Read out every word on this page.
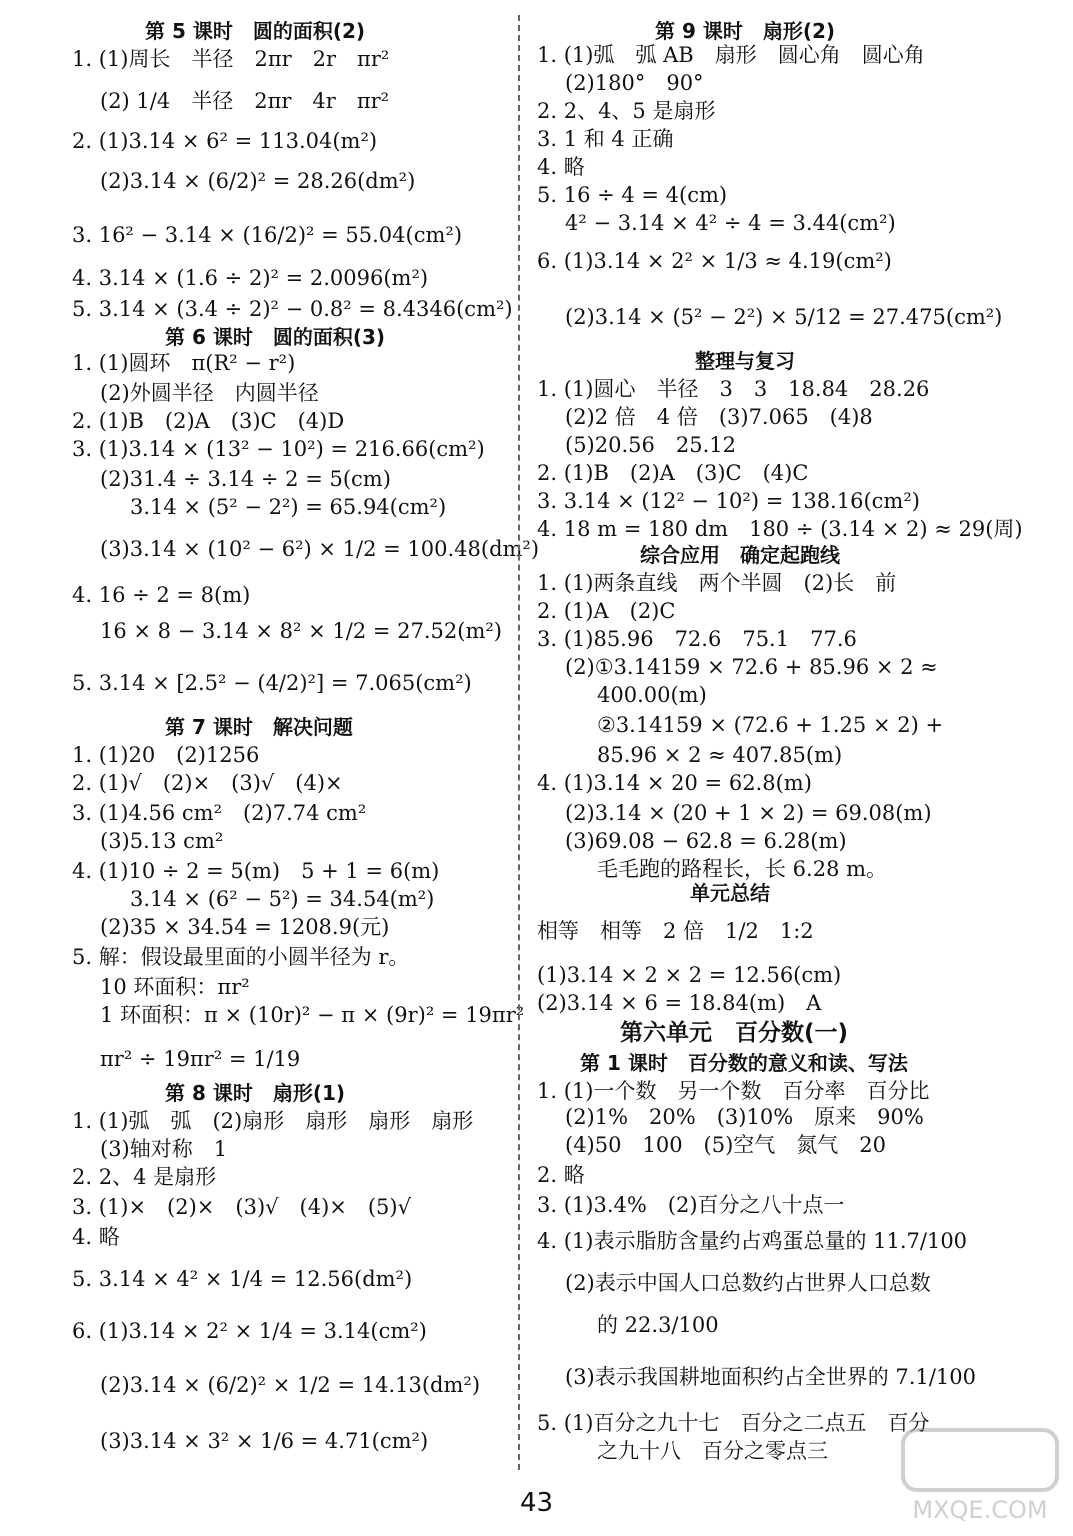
第 5 课时　圆的面积(2)
1. (1)周长　半径　2πr　2r　πr²
(2) 1/4　半径　2πr　4r　πr²
2. (1)3.14 × 6² = 113.04(m²)
(2)3.14 × (6/2)² = 28.26(dm²)
3. 16² − 3.14 × (16/2)² = 55.04(cm²)
4. 3.14 × (1.6 ÷ 2)² = 2.0096(m²)
5. 3.14 × (3.4 ÷ 2)² − 0.8² = 8.4346(cm²)
第 6 课时　圆的面积(3)
1. (1)圆环　π(R² − r²)
(2)外圆半径　内圆半径
2. (1)B　(2)A　(3)C　(4)D
3. (1)3.14 × (13² − 10²) = 216.66(cm²)
(2)31.4 ÷ 3.14 ÷ 2 = 5(cm)
3.14 × (5² − 2²) = 65.94(cm²)
(3)3.14 × (10² − 6²) × 1/2 = 100.48(dm²)
4. 16 ÷ 2 = 8(m)
16 × 8 − 3.14 × 8² × 1/2 = 27.52(m²)
5. 3.14 × [2.5² − (4/2)²] = 7.065(cm²)
第 7 课时　解决问题
1. (1)20　(2)1256
2. (1)√　(2)×　(3)√　(4)×
3. (1)4.56 cm²　(2)7.74 cm²
(3)5.13 cm²
4. (1)10 ÷ 2 = 5(m)　5 + 1 = 6(m)
3.14 × (6² − 5²) = 34.54(m²)
(2)35 × 34.54 = 1208.9(元)
5. 解：假设最里面的小圆半径为 r。
10 环面积：πr²
1 环面积：π × (10r)² − π × (9r)² = 19πr²
πr² ÷ 19πr² = 1/19
第 8 课时　扇形(1)
1. (1)弧　弧　(2)扇形　扇形　扇形　扇形
(3)轴对称　1
2. 2、4 是扇形
3. (1)×　(2)×　(3)√　(4)×　(5)√
4. 略
5. 3.14 × 4² × 1/4 = 12.56(dm²)
6. (1)3.14 × 2² × 1/4 = 3.14(cm²)
(2)3.14 × (6/2)² × 1/2 = 14.13(dm²)
(3)3.14 × 3² × 1/6 = 4.71(cm²)
第 9 课时　扇形(2)
1. (1)弧　弧 AB　扇形　圆心角　圆心角
(2)180°　90°
2. 2、4、5 是扇形
3. 1 和 4 正确
4. 略
5. 16 ÷ 4 = 4(cm)
4² − 3.14 × 4² ÷ 4 = 3.44(cm²)
6. (1)3.14 × 2² × 1/3 ≈ 4.19(cm²)
(2)3.14 × (5² − 2²) × 5/12 = 27.475(cm²)
整理与复习
1. (1)圆心　半径　3　3　18.84　28.26
(2)2 倍　4 倍　(3)7.065　(4)8
(5)20.56　25.12
2. (1)B　(2)A　(3)C　(4)C
3. 3.14 × (12² − 10²) = 138.16(cm²)
4. 18 m = 180 dm　180 ÷ (3.14 × 2) ≈ 29(周)
综合应用　确定起跑线
1. (1)两条直线　两个半圆　(2)长　前
2. (1)A　(2)C
3. (1)85.96　72.6　75.1　77.6
(2)①3.14159 × 72.6 + 85.96 × 2 ≈
400.00(m)
②3.14159 × (72.6 + 1.25 × 2) +
85.96 × 2 ≈ 407.85(m)
4. (1)3.14 × 20 = 62.8(m)
(2)3.14 × (20 + 1 × 2) = 69.08(m)
(3)69.08 − 62.8 = 6.28(m)
毛毛跑的路程长，长 6.28 m。
单元总结
相等　相等　2 倍　1/2　1:2
(1)3.14 × 2 × 2 = 12.56(cm)
(2)3.14 × 6 = 18.84(m)　A
第六单元　百分数(一)
第 1 课时　百分数的意义和读、写法
1. (1)一个数　另一个数　百分率　百分比
(2)1%　20%　(3)10%　原来　90%
(4)50　100　(5)空气　氮气　20
2. 略
3. (1)3.4%　(2)百分之八十点一
4. (1)表示脂肪含量约占鸡蛋总量的 11.7/100
(2)表示中国人口总数约占世界人口总数
的 22.3/100
(3)表示我国耕地面积约占全世界的 7.1/100
5. (1)百分之九十七　百分之二点五　百分
之九十八　百分之零点三
43	MXQE.COM
